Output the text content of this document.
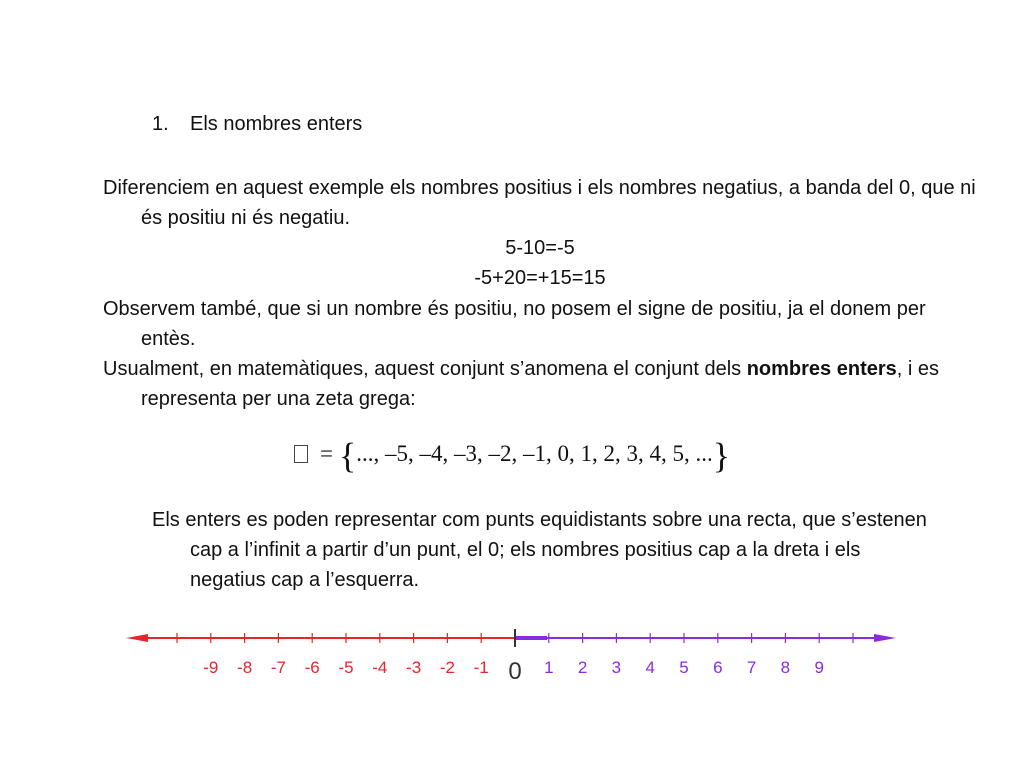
1. Els nombres enters
Diferenciem en aquest exemple els nombres positius i els nombres negatius, a banda del 0, que ni és positiu ni és negatiu.
5-10=-5
-5+20=+15=15
Observem també, que si un nombre és positiu, no posem el signe de positiu, ja el donem per entès.
Usualment, en matemàtiques, aquest conjunt s’anomena el conjunt dels nombres enters, i es representa per una zeta grega:
= {..., –5, –4, –3, –2, –1, 0, 1, 2, 3, 4, 5, ...}
Els enters es poden representar com punts equidistants sobre una recta, que s’estenen cap a l’infinit a partir d’un punt, el 0; els nombres positius cap a la dreta i els negatius cap a l’esquerra.
-9 -8 -7 -6 -5 -4 -3 -2 -1 0 1 2 3 4 5 6 7 8 9
